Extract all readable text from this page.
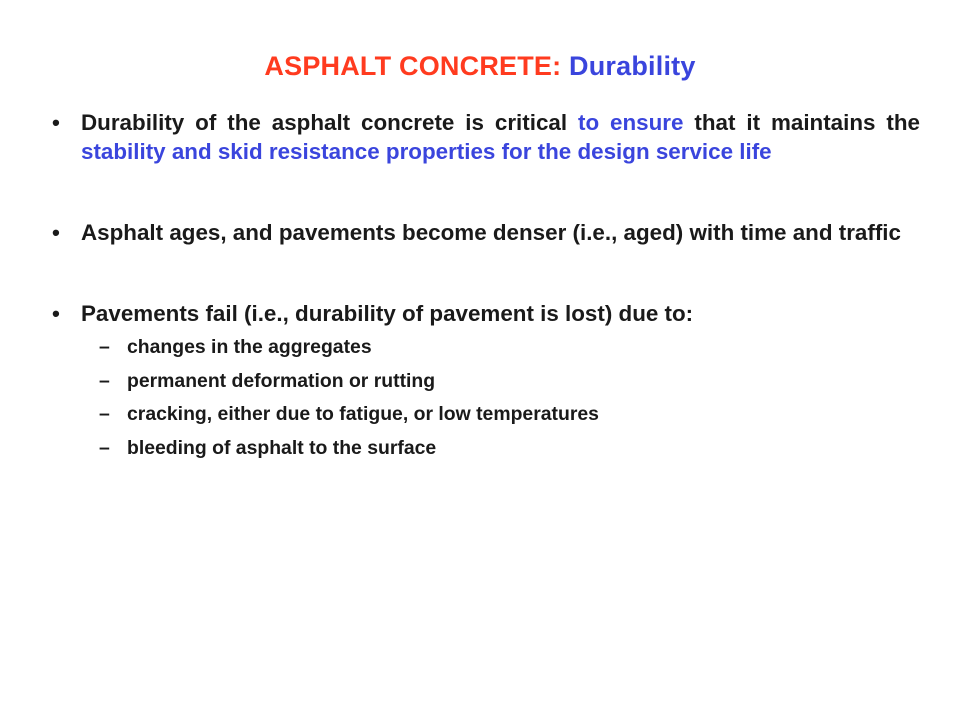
ASPHALT CONCRETE: Durability

• Durability of the asphalt concrete is critical to ensure that it maintains the stability and skid resistance properties for the design service life

• Asphalt ages, and pavements become denser (i.e., aged) with time and traffic

• Pavements fail (i.e., durability of pavement is lost) due to:
– changes in the aggregates
– permanent deformation or rutting
– cracking, either due to fatigue, or low temperatures
– bleeding of asphalt to the surface
